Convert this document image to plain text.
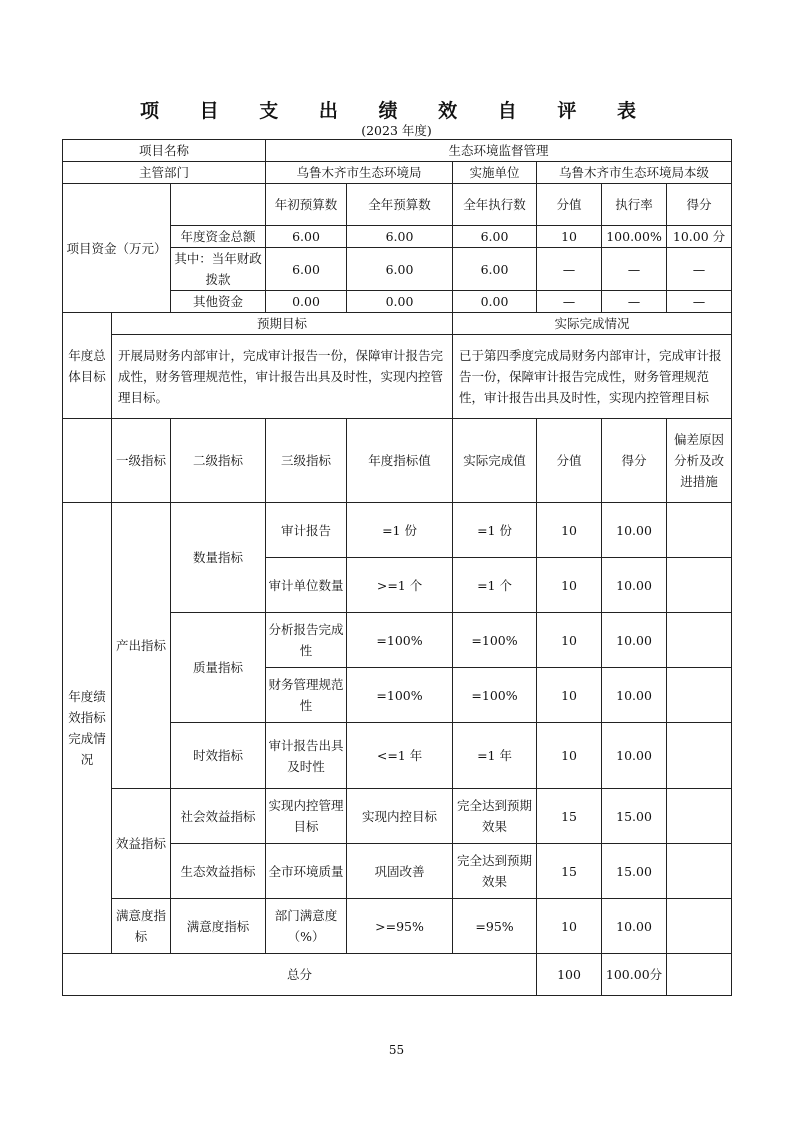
项 目 支 出 绩 效 自 评 表
(2023 年度)
项目名称			生态环境监督管理					
主管部门			乌鲁木齐市生态环境局		实施单位	乌鲁木齐市生态环境局本级		
项目资金（万元）			年初预算数	全年预算数	全年执行数	分值	执行率	得分
		年度资金总额	6.00	6.00	6.00	10	100.00%	10.00 分
		其中：当年财政拨款	6.00	6.00	6.00	—	—	—
		其他资金	0.00	0.00	0.00	—	—	—
年度总体目标	预期目标				实际完成情况			
	开展局财务内部审计，完成审计报告一份，保障审计报告完成性，财务管理规范性，审计报告出具及时性，实现内控管理目标。				已于第四季度完成局财务内部审计，完成审计报告一份，保障审计报告完成性，财务管理规范性，审计报告出具及时性，实现内控管理目标			
	一级指标	二级指标	三级指标	年度指标值	实际完成值	分值	得分	偏差原因分析及改进措施
年度绩效指标完成情况	产出指标	数量指标	审计报告	=1 份	=1 份	10	10.00	
			审计单位数量	>=1 个	=1 个	10	10.00	
		质量指标	分析报告完成性	=100%	=100%	10	10.00	
			财务管理规范性	=100%	=100%	10	10.00	
		时效指标	审计报告出具及时性	<=1 年	=1 年	10	10.00	
	效益指标	社会效益指标	实现内控管理目标	实现内控目标	完全达到预期效果	15	15.00	
		生态效益指标	全市环境质量	巩固改善	完全达到预期效果	15	15.00	
	满意度指标	满意度指标	部门满意度（%）	>=95%	=95%	10	10.00	
总分						100	100.00分	
55
